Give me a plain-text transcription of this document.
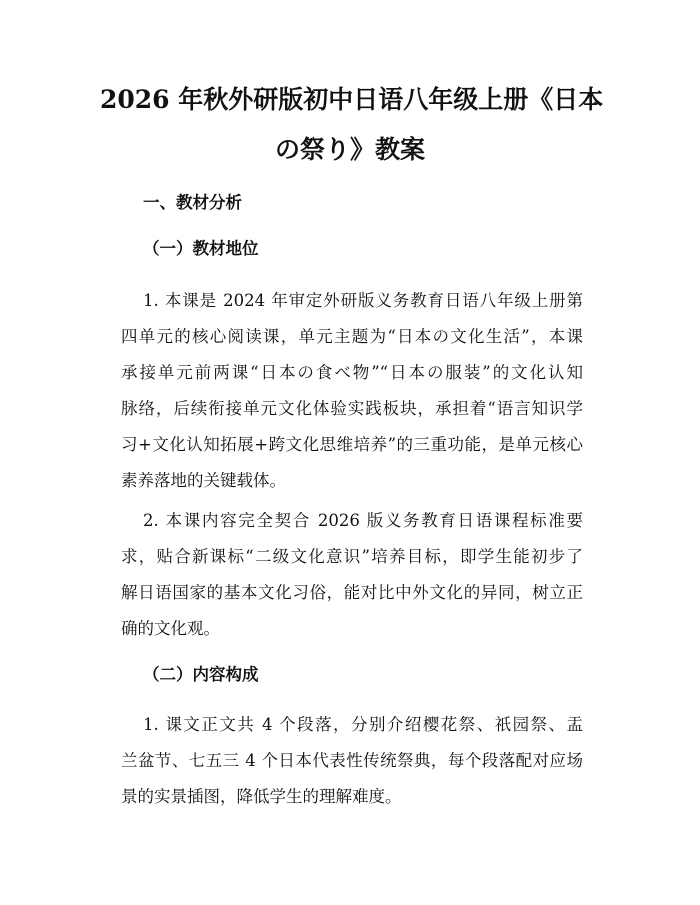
2026 年秋外研版初中日语八年级上册《日本
の祭り》教案
一、教材分析
（一）教材地位
1. 本课是 2024 年审定外研版义务教育日语八年级上册第
四单元的核心阅读课，单元主题为“日本の文化生活”，本课
承接单元前两课“日本の食べ物”“日本の服装”的文化认知
脉络，后续衔接单元文化体验实践板块，承担着“语言知识学
习+文化认知拓展+跨文化思维培养”的三重功能，是单元核心
素养落地的关键载体。
2. 本课内容完全契合 2026 版义务教育日语课程标准要
求，贴合新课标“二级文化意识”培养目标，即学生能初步了
解日语国家的基本文化习俗，能对比中外文化的异同，树立正
确的文化观。
（二）内容构成
1. 课文正文共 4 个段落，分别介绍樱花祭、祇园祭、盂
兰盆节、七五三 4 个日本代表性传统祭典，每个段落配对应场
景的实景插图，降低学生的理解难度。
